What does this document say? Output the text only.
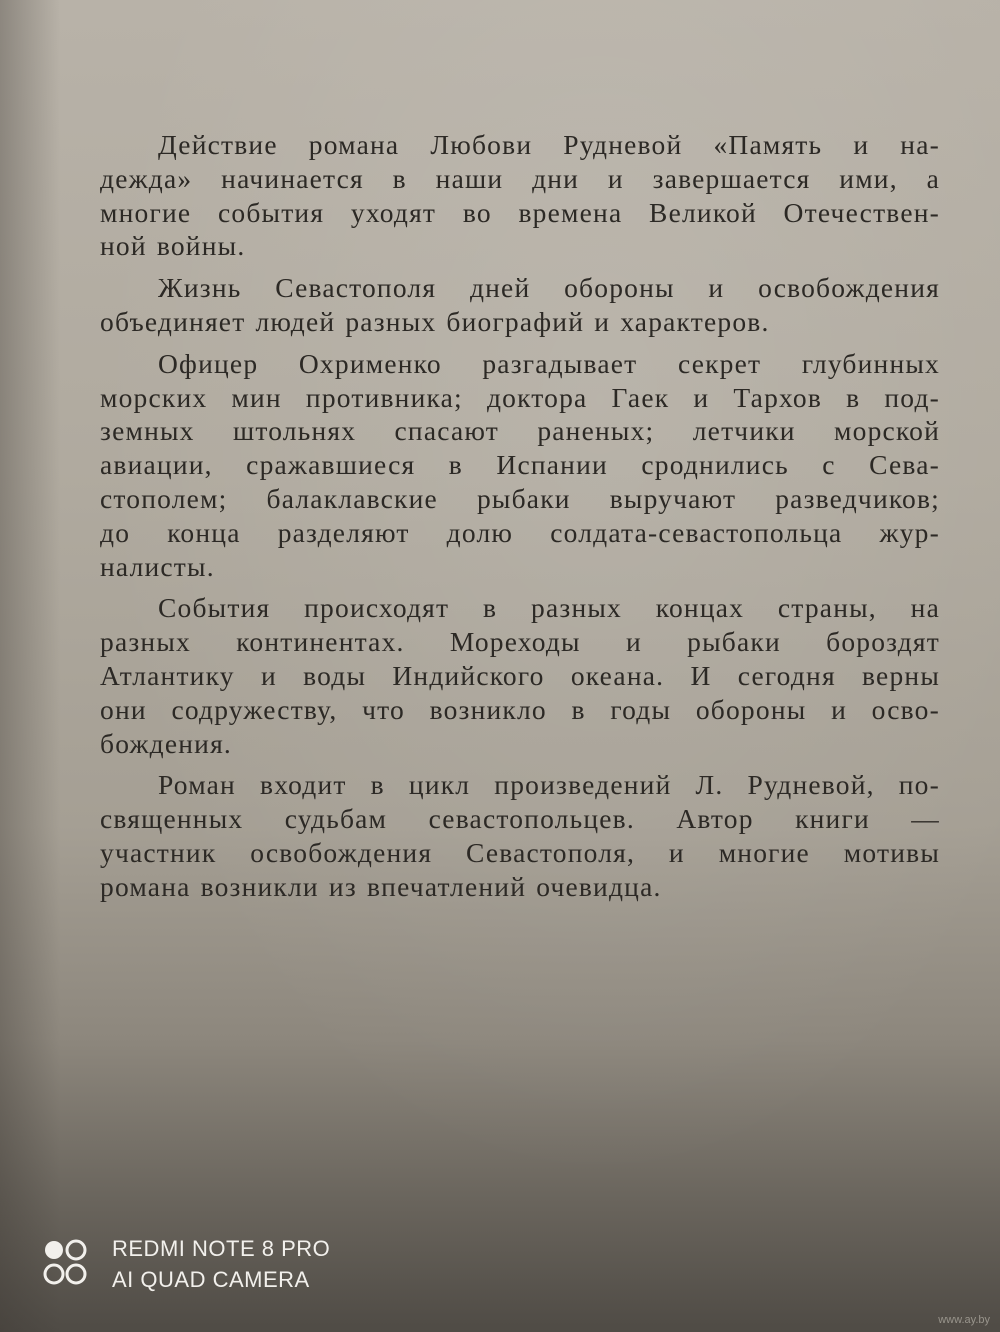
Действие романа Любови Рудневой «Память и на-
дежда» начинается в наши дни и завершается ими, а
многие события уходят во времена Великой Отечествен-
ной войны.
Жизнь Севастополя дней обороны и освобождения
объединяет людей разных биографий и характеров.
Офицер Охрименко разгадывает секрет глубинных
морских мин противника; доктора Гаек и Тархов в под-
земных штольнях спасают раненых; летчики морской
авиации, сражавшиеся в Испании сроднились с Сева-
стополем; балаклавские рыбаки выручают разведчиков;
до конца разделяют долю солдата-севастопольца жур-
налисты.
События происходят в разных концах страны, на
разных континентах. Мореходы и рыбаки бороздят
Атлантику и воды Индийского океана. И сегодня верны
они содружеству, что возникло в годы обороны и осво-
бождения.
Роман входит в цикл произведений Л. Рудневой, по-
священных судьбам севастопольцев. Автор книги —
участник освобождения Севастополя, и многие мотивы
романа возникли из впечатлений очевидца.
REDMI NOTE 8 PRO
AI QUAD CAMERA
www.ay.by
